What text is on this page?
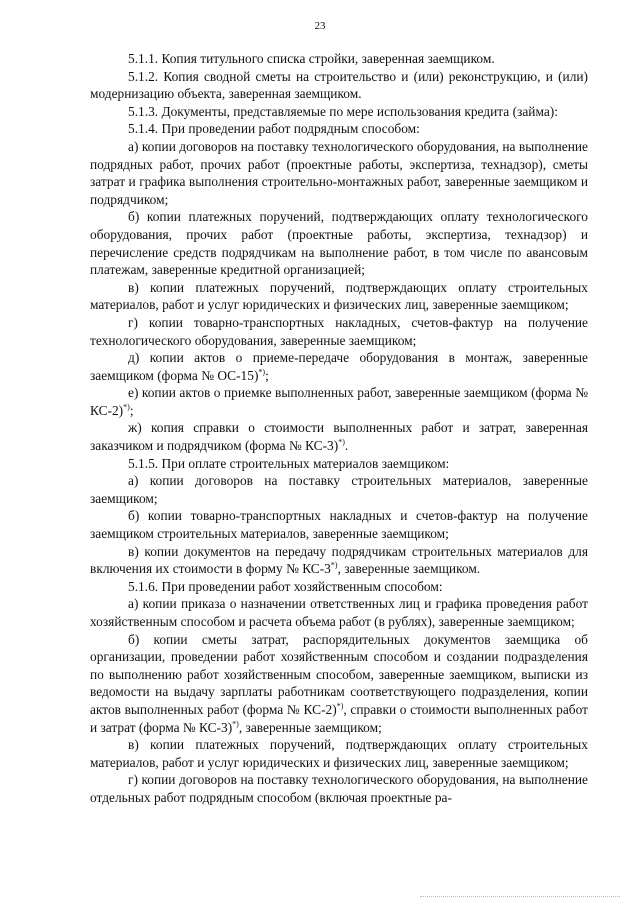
23

5.1.1. Копия титульного списка стройки, заверенная заемщиком.

5.1.2. Копия сводной сметы на строительство и (или) реконструкцию, и (или) модернизацию объекта, заверенная заемщиком.

5.1.3. Документы, представляемые по мере использования кредита (займа):

5.1.4. При проведении работ подрядным способом:

а) копии договоров на поставку технологического оборудования, на выполнение подрядных работ, прочих работ (проектные работы, экспертиза, технадзор), сметы затрат и графика выполнения строительно-монтажных работ, заверенные заемщиком и подрядчиком;

б) копии платежных поручений, подтверждающих оплату технологического оборудования, прочих работ (проектные работы, экспертиза, технадзор) и перечисление средств подрядчикам на выполнение работ, в том числе по авансовым платежам, заверенные кредитной организацией;

в) копии платежных поручений, подтверждающих оплату строительных материалов, работ и услуг юридических и физических лиц, заверенные заемщиком;

г) копии товарно-транспортных накладных, счетов-фактур на получение технологического оборудования, заверенные заемщиком;

д) копии актов о приеме-передаче оборудования в монтаж, заверенные заемщиком (форма № ОС-15)*);

е) копии актов о приемке выполненных работ, заверенные заемщиком (форма № КС-2)*);

ж) копия справки о стоимости выполненных работ и затрат, заверенная заказчиком и подрядчиком (форма № КС-3)*).

5.1.5. При оплате строительных материалов заемщиком:

а) копии договоров на поставку строительных материалов, заверенные заемщиком;

б) копии товарно-транспортных накладных и счетов-фактур на получение заемщиком строительных материалов, заверенные заемщиком;

в) копии документов на передачу подрядчикам строительных материалов для включения их стоимости в форму № КС-3*), заверенные заемщиком.

5.1.6. При проведении работ хозяйственным способом:

а) копии приказа о назначении ответственных лиц и графика проведения работ хозяйственным способом и расчета объема работ (в рублях), заверенные заемщиком;

б) копии сметы затрат, распорядительных документов заемщика об организации, проведении работ хозяйственным способом и создании подразделения по выполнению работ хозяйственным способом, заверенные заемщиком, выписки из ведомости на выдачу зарплаты работникам соответствующего подразделения, копии актов выполненных работ (форма № КС-2)*), справки о стоимости выполненных работ и затрат (форма № КС-3)*), заверенные заемщиком;

в) копии платежных поручений, подтверждающих оплату строительных материалов, работ и услуг юридических и физических лиц, заверенные заемщиком;

г) копии договоров на поставку технологического оборудования, на выполнение отдельных работ подрядным способом (включая проектные ра-
